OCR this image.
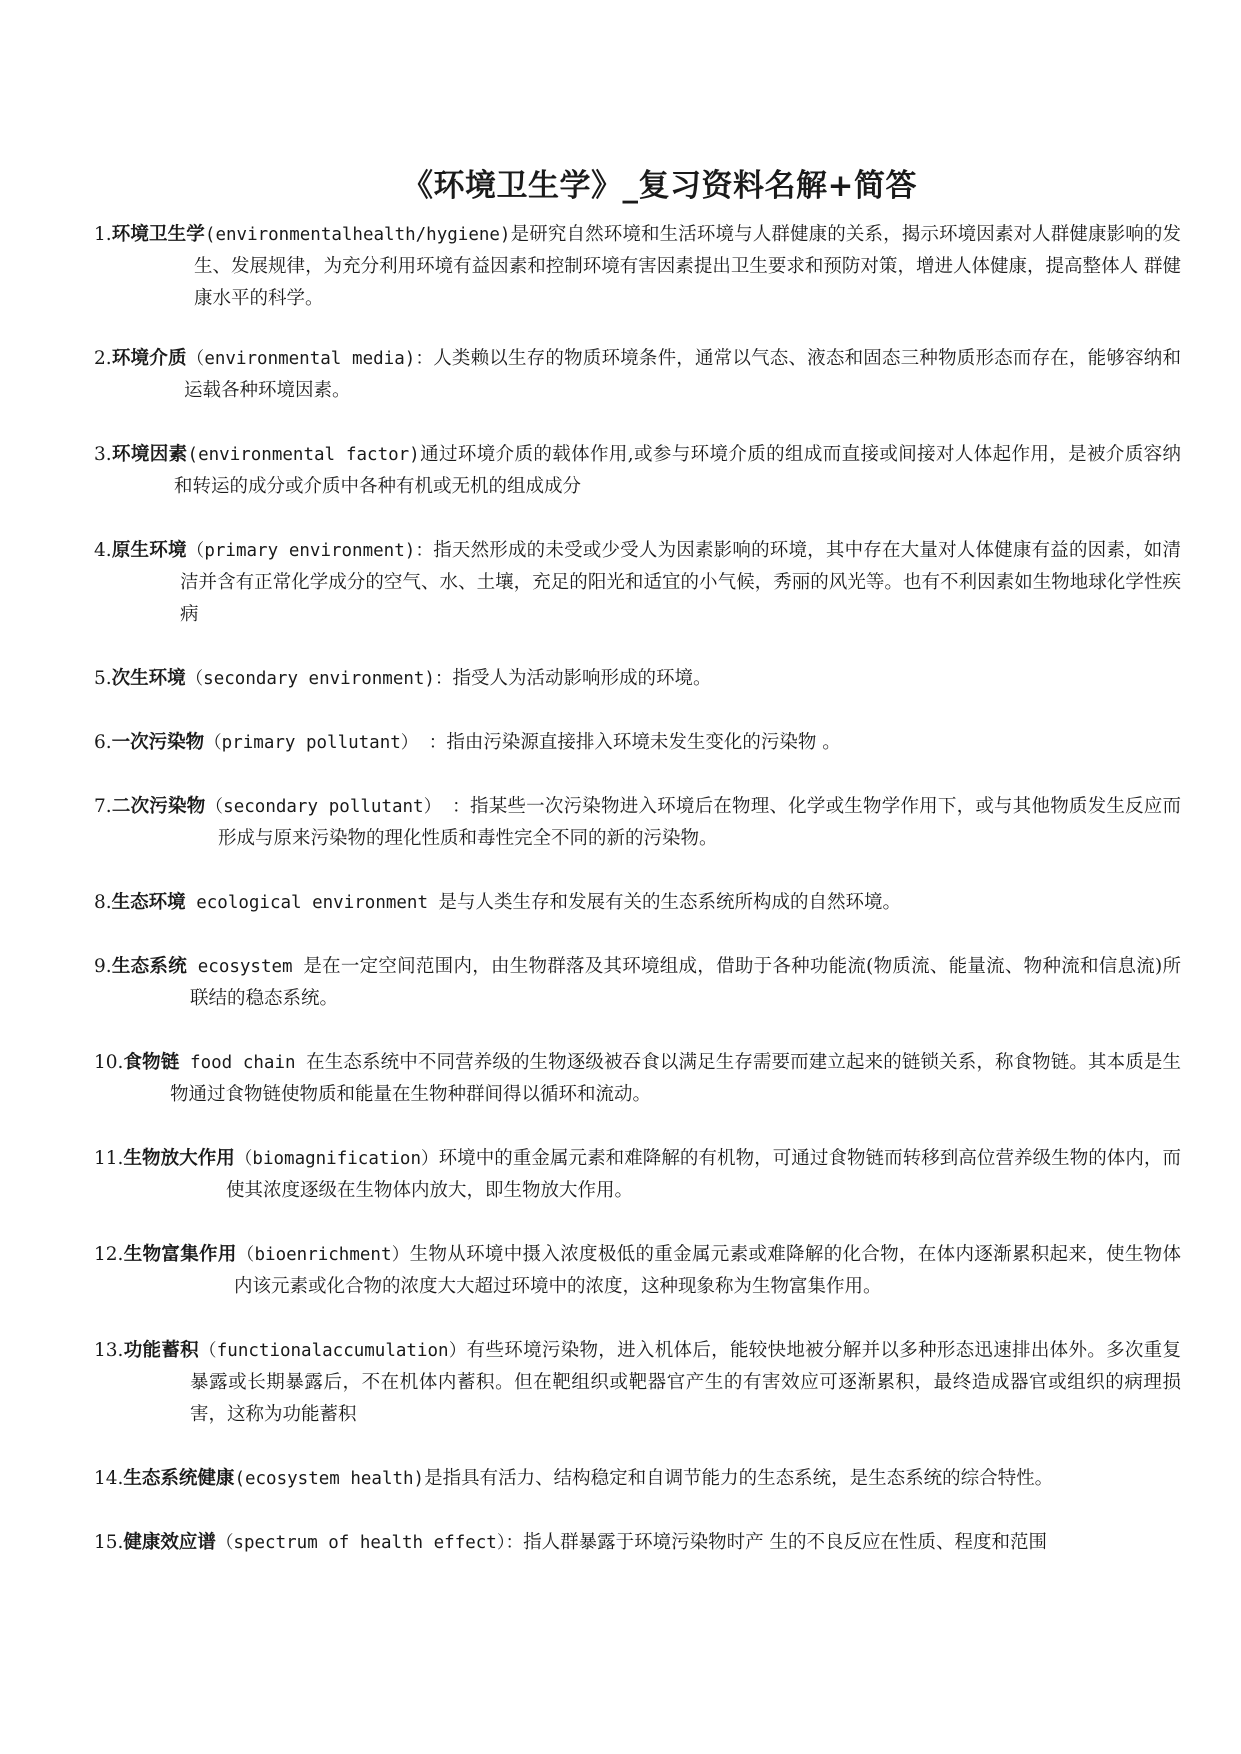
《环境卫生学》_复习资料名解+简答
1.环境卫生学(environmentalhealth/hygiene)是研究自然环境和生活环境与人群健康的关系，揭示环境因素对人群健康影响的发生、发展规律，为充分利用环境有益因素和控制环境有害因素提出卫生要求和预防对策，增进人体健康，提高整体人 群健康水平的科学。
2.环境介质（environmental media)：人类赖以生存的物质环境条件，通常以气态、液态和固态三种物质形态而存在，能够容纳和运载各种环境因素。
3.环境因素(environmental factor)通过环境介质的载体作用,或参与环境介质的组成而直接或间接对人体起作用，是被介质容纳和转运的成分或介质中各种有机或无机的组成成分
4.原生环境（primary environment)：指天然形成的未受或少受人为因素影响的环境，其中存在大量对人体健康有益的因素，如清洁并含有正常化学成分的空气、水、土壤，充足的阳光和适宜的小气候，秀丽的风光等。也有不利因素如生物地球化学性疾病
5.次生环境（secondary environment)：指受人为活动影响形成的环境。
6.一次污染物（primary pollutant） ：指由污染源直接排入环境未发生变化的污染物 。
7.二次污染物（secondary pollutant） ：指某些一次污染物进入环境后在物理、化学或生物学作用下，或与其他物质发生反应而形成与原来污染物的理化性质和毒性完全不同的新的污染物。
8.生态环境 ecological environment 是与人类生存和发展有关的生态系统所构成的自然环境。
9.生态系统 ecosystem 是在一定空间范围内，由生物群落及其环境组成，借助于各种功能流(物质流、能量流、物种流和信息流)所联结的稳态系统。
10.食物链 food chain 在生态系统中不同营养级的生物逐级被吞食以满足生存需要而建立起来的链锁关系，称食物链。其本质是生物通过食物链使物质和能量在生物种群间得以循环和流动。
11.生物放大作用（biomagnification）环境中的重金属元素和难降解的有机物，可通过食物链而转移到高位营养级生物的体内，而使其浓度逐级在生物体内放大，即生物放大作用。
12.生物富集作用（bioenrichment）生物从环境中摄入浓度极低的重金属元素或难降解的化合物，在体内逐渐累积起来，使生物体内该元素或化合物的浓度大大超过环境中的浓度，这种现象称为生物富集作用。
13.功能蓄积（functionalaccumulation）有些环境污染物，进入机体后，能较快地被分解并以多种形态迅速排出体外。多次重复暴露或长期暴露后，不在机体内蓄积。但在靶组织或靶器官产生的有害效应可逐渐累积，最终造成器官或组织的病理损害，这称为功能蓄积
14.生态系统健康(ecosystem health)是指具有活力、结构稳定和自调节能力的生态系统，是生态系统的综合特性。
15.健康效应谱（spectrum of health effect）：指人群暴露于环境污染物时产 生的不良反应在性质、程度和范围
